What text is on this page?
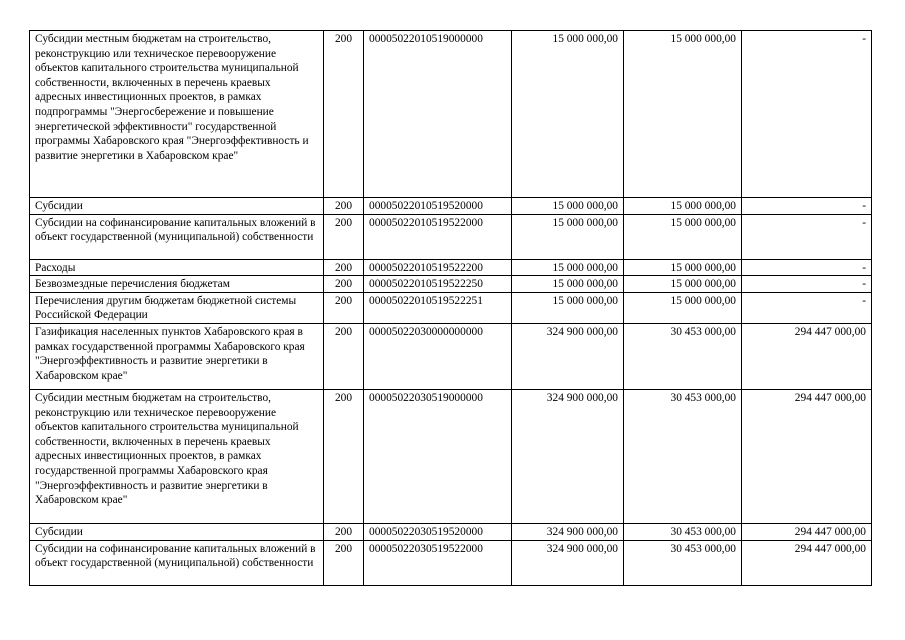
Субсидии местным бюджетам на строительство, реконструкцию или техническое перевооружение объектов капитального строительства муниципальной собственности, включенных в перечень краевых адресных инвестиционных проектов, в рамках подпрограммы "Энергосбережение и повышение энергетической эффективности" государственной программы Хабаровского края "Энергоэффективность и развитие энергетики в Хабаровском крае"	200	00005022010519000000	15 000 000,00	15 000 000,00	-
Субсидии	200	00005022010519520000	15 000 000,00	15 000 000,00	-
Субсидии на софинансирование капитальных вложений в объект государственной (муниципальной) собственности	200	00005022010519522000	15 000 000,00	15 000 000,00	-
Расходы	200	00005022010519522200	15 000 000,00	15 000 000,00	-
Безвозмездные перечисления бюджетам	200	00005022010519522250	15 000 000,00	15 000 000,00	-
Перечисления другим бюджетам бюджетной системы Российской Федерации	200	00005022010519522251	15 000 000,00	15 000 000,00	-
Газификация населенных пунктов Хабаровского края в рамках государственной программы Хабаровского края "Энергоэффективность и развитие энергетики в Хабаровском крае"	200	00005022030000000000	324 900 000,00	30 453 000,00	294 447 000,00
Субсидии местным бюджетам на строительство, реконструкцию или техническое перевооружение объектов капитального строительства муниципальной собственности, включенных в перечень краевых адресных инвестиционных проектов, в рамках государственной программы Хабаровского края "Энергоэффективность и развитие энергетики в Хабаровском крае"	200	00005022030519000000	324 900 000,00	30 453 000,00	294 447 000,00
Субсидии	200	00005022030519520000	324 900 000,00	30 453 000,00	294 447 000,00
Субсидии на софинансирование капитальных вложений в объект государственной (муниципальной) собственности	200	00005022030519522000	324 900 000,00	30 453 000,00	294 447 000,00
